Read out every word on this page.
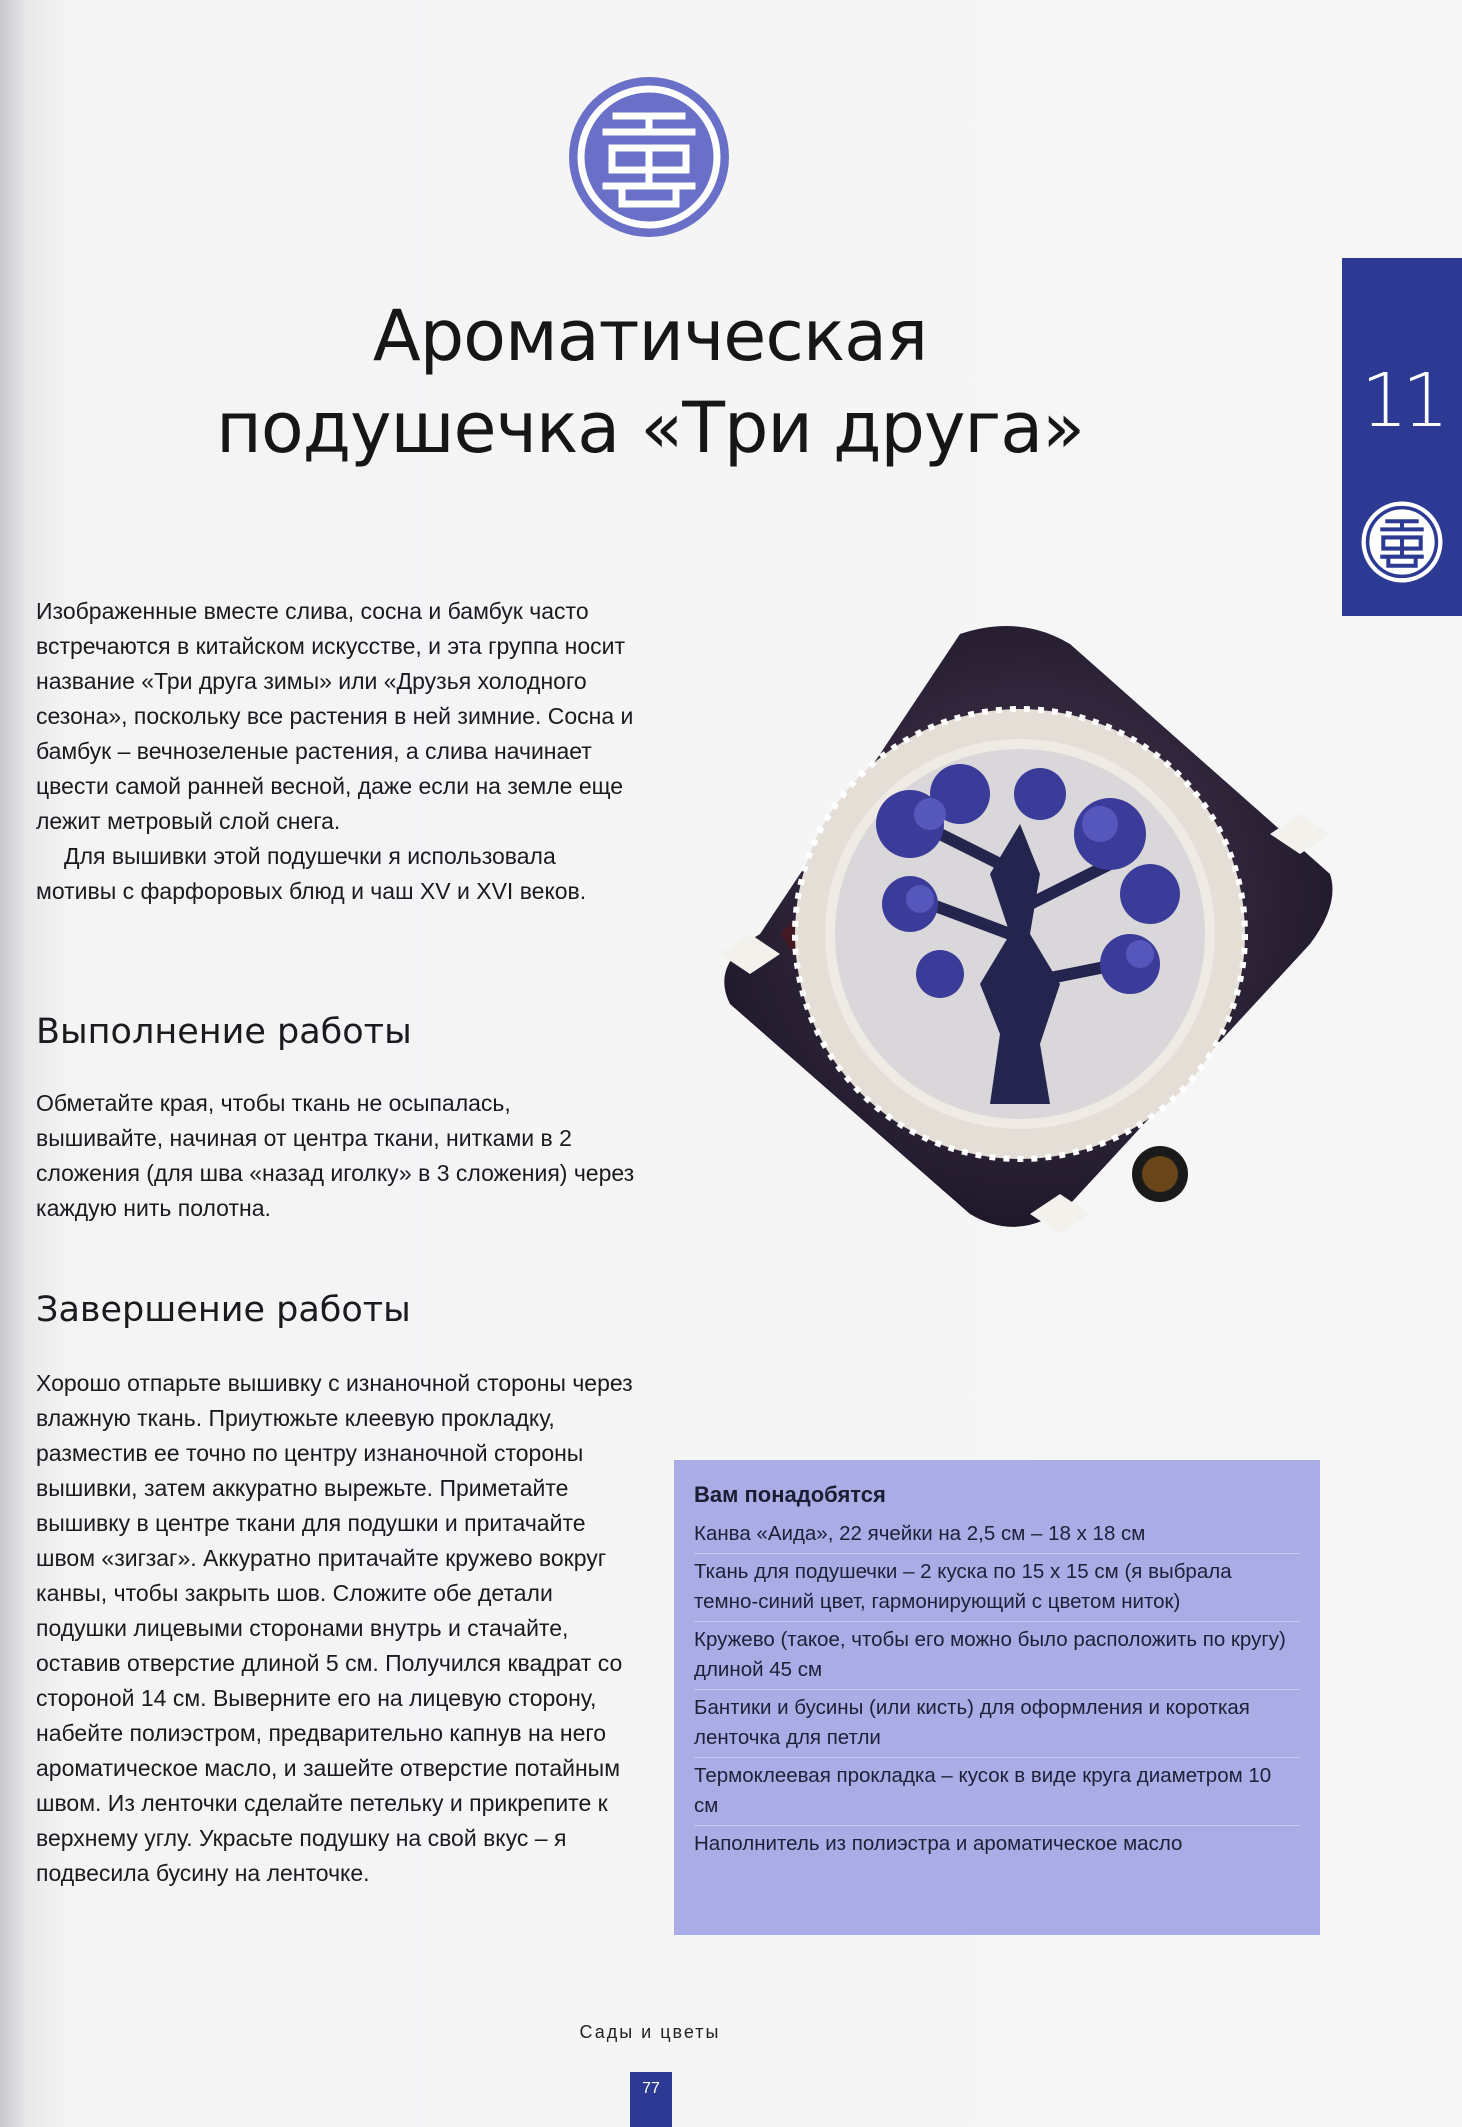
11
Ароматическая
подушечка «Три друга»

Изображенные вместе слива, сосна и бамбук часто встречаются в китайском искусстве, и эта группа носит название «Три друга зимы» или «Друзья холодного сезона», поскольку все растения в ней зимние. Сосна и бамбук – вечнозеленые растения, а слива начинает цвести самой ранней весной, даже если на земле еще лежит метровый слой снега.

Для вышивки этой подушечки я использовала мотивы с фарфоровых блюд и чаш XV и XVI веков.

Выполнение работы

Обметайте края, чтобы ткань не осыпалась, вышивайте, начиная от центра ткани, нитками в 2 сложения (для шва «назад иголку» в 3 сложения) через каждую нить полотна.

Завершение работы

Хорошо отпарьте вышивку с изнаночной стороны через влажную ткань. Приутюжьте клеевую прокладку, разместив ее точно по центру изнаночной стороны вышивки, затем аккуратно вырежьте. Приметайте вышивку в центре ткани для подушки и притачайте швом «зигзаг». Аккуратно притачайте кружево вокруг канвы, чтобы закрыть шов. Сложите обе детали подушки лицевыми сторонами внутрь и стачайте, оставив отверстие длиной 5 см. Получился квадрат со стороной 14 см. Выверните его на лицевую сторону, набейте полиэстром, предварительно капнув на него ароматическое масло, и зашейте отверстие потайным швом. Из ленточки сделайте петельку и прикрепите к верхнему углу. Украсьте подушку на свой вкус – я подвесила бусину на ленточке.

Вам понадобятся
Канва «Аида», 22 ячейки на 2,5 см – 18 х 18 см
Ткань для подушечки – 2 куска по 15 х 15 см (я выбрала темно-синий цвет, гармонирующий с цветом ниток)
Кружево (такое, чтобы его можно было расположить по кругу) длиной 45 см
Бантики и бусины (или кисть) для оформления и короткая ленточка для петли
Термоклеевая прокладка – кусок в виде круга диаметром 10 см
Наполнитель из полиэстра и ароматическое масло
Сады и цветы
77
